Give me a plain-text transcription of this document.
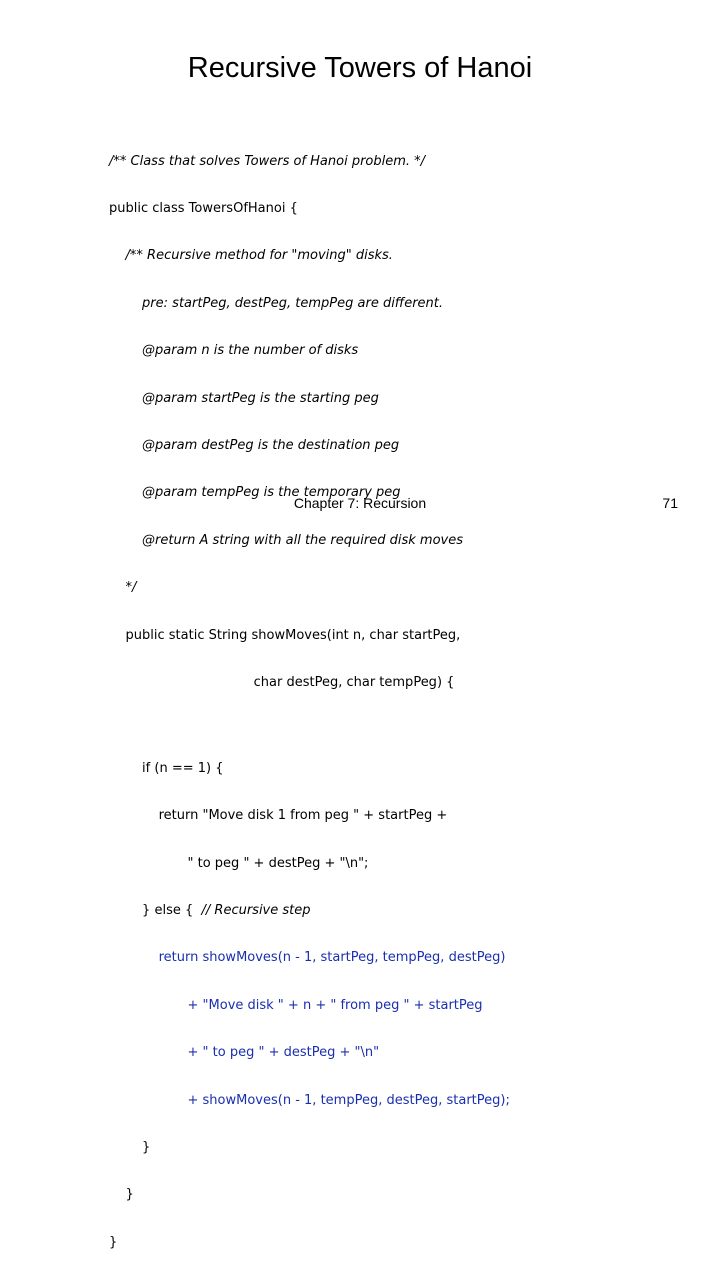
Recursive Towers of Hanoi

/** Class that solves Towers of Hanoi problem. */

public class TowersOfHanoi {

/** Recursive method for "moving" disks.

pre: startPeg, destPeg, tempPeg are different.

@param n is the number of disks

@param startPeg is the starting peg

@param destPeg is the destination peg

@param tempPeg is the temporary peg

@return A string with all the required disk moves

*/

public static String showMoves(int n, char startPeg,

char destPeg, char tempPeg) {

if (n == 1) {

return "Move disk 1 from peg " + startPeg +

" to peg " + destPeg + "\n";

} else {  // Recursive step

return showMoves(n - 1, startPeg, tempPeg, destPeg)

+ "Move disk " + n + " from peg " + startPeg

+ " to peg " + destPeg + "\n"

+ showMoves(n - 1, tempPeg, destPeg, startPeg);

}

}

}

Chapter 7: Recursion	71
